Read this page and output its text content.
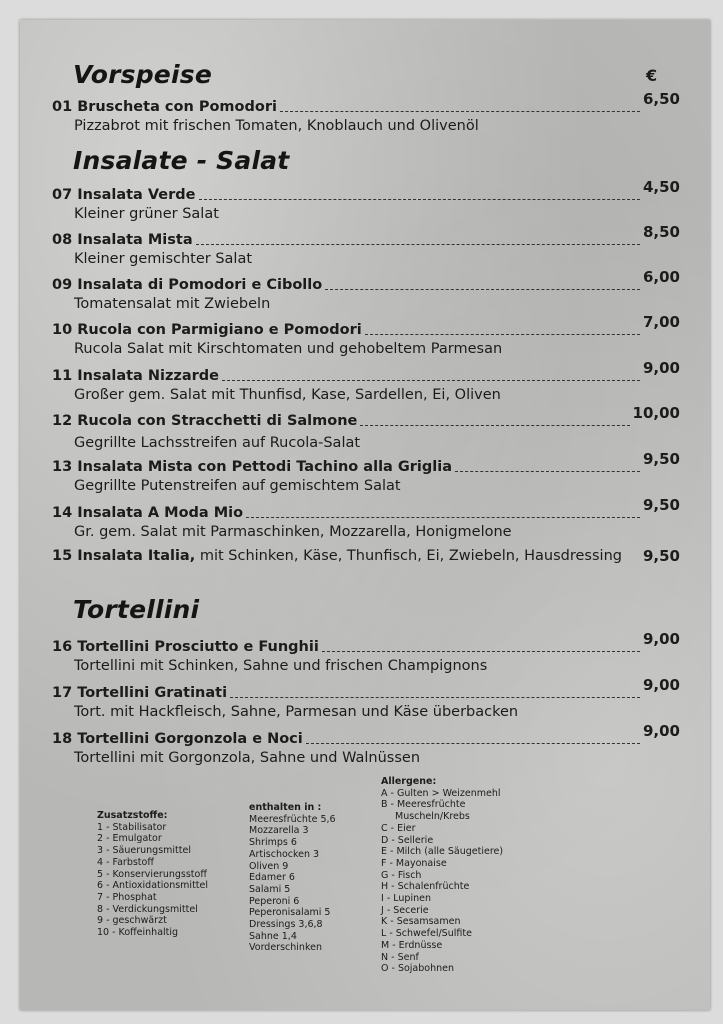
Vorspeise	€
01 Bruscheta con Pomodori	6,50
Pizzabrot mit frischen Tomaten, Knoblauch und Olivenöl
Insalate - Salat
07 Insalata Verde	4,50
Kleiner grüner Salat
08 Insalata Mista	8,50
Kleiner gemischter Salat
09 Insalata di Pomodori e Cibollo	6,00
Tomatensalat mit Zwiebeln
10 Rucola con Parmigiano e Pomodori	7,00
Rucola Salat mit Kirschtomaten und gehobeltem Parmesan
11 Insalata Nizzarde	9,00
Großer gem. Salat mit Thunfisd, Kase, Sardellen, Ei, Oliven
12 Rucola con Stracchetti di Salmone	10,00
Gegrillte Lachsstreifen auf Rucola-Salat
13 Insalata Mista con Pettodi Tachino alla Griglia	9,50
Gegrillte Putenstreifen auf gemischtem Salat
14 Insalata A Moda Mio	9,50
Gr. gem. Salat mit Parmaschinken, Mozzarella, Honigmelone
15 Insalata Italia, mit Schinken, Käse, Thunfisch, Ei, Zwiebeln, Hausdressing 9,50
Tortellini
16 Tortellini Prosciutto e Funghii	9,00
Tortellini mit Schinken, Sahne und frischen Champignons
17 Tortellini Gratinati	9,00
Tort. mit Hackfleisch, Sahne, Parmesan und Käse überbacken
18 Tortellini Gorgonzola e Noci	9,00
Tortellini mit Gorgonzola, Sahne und Walnüssen
Zusatzstoffe:
1 - Stabilisator
2 - Emulgator
3 - Säuerungsmittel
4 - Farbstoff
5 - Konservierungsstoff
6 - Antioxidationsmittel
7 - Phosphat
8 - Verdickungsmittel
9 - geschwärzt
10 - Koffeinhaltig
enthalten in :
Meeresfrüchte 5,6
Mozzarella 3
Shrimps 6
Artischocken 3
Oliven 9
Edamer 6
Salami 5
Peperoni 6
Peperonisalami 5
Dressings 3,6,8
Sahne 1,4
Vorderschinken
Allergene:
A - Gulten > Weizenmehl
B - Meeresfrüchte
Muscheln/Krebs
C - Eier
D - Sellerie
E - Milch (alle Säugetiere)
F - Mayonaise
G - Fisch
H - Schalenfrüchte
I - Lupinen
J - Secerie
K - Sesamsamen
L - Schwefel/Sulfite
M - Erdnüsse
N - Senf
O - Sojabohnen
